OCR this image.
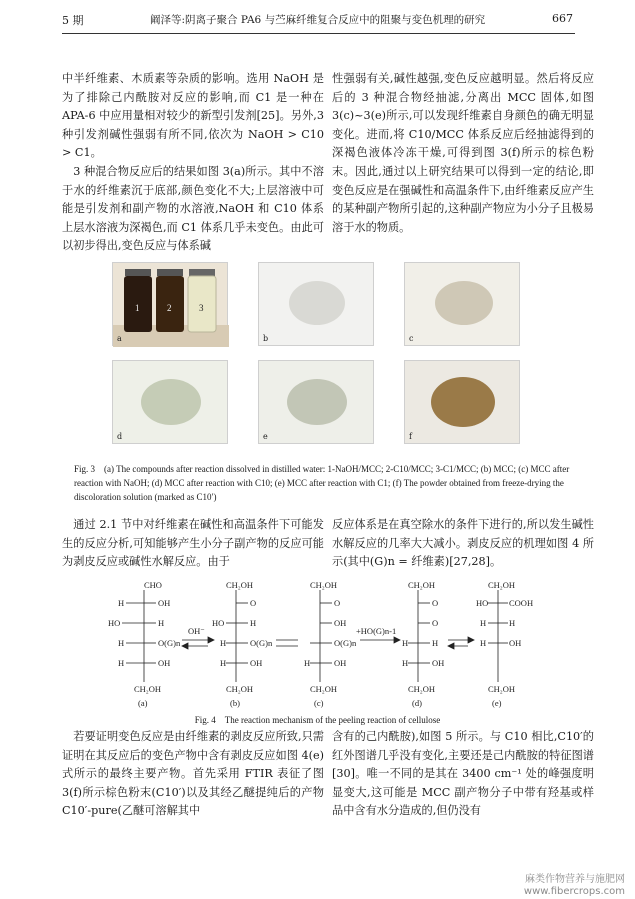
5 期	阚泽等:阴离子聚合 PA6 与苎麻纤维复合反应中的阻聚与变色机理的研究	667
中半纤维素、木质素等杂质的影响。选用 NaOH 是为了排除己内酰胺对反应的影响,而 C1 是一种在 APA-6 中应用量相对较少的新型引发剂[25]。另外,3 种引发剂碱性强弱有所不同,依次为 NaOH > C10 > C1。
　3 种混合物反应后的结果如图 3(a)所示。其中不溶于水的纤维素沉于底部,颜色变化不大;上层溶液中可能是引发剂和副产物的水溶液,NaOH 和 C10 体系上层水溶液为深褐色,而 C1 体系几乎未变色。由此可以初步得出,变色反应与体系碱
性强弱有关,碱性越强,变色反应越明显。然后将反应后的 3 种混合物经抽滤,分离出 MCC 固体,如图 3(c)~3(e)所示,可以发现纤维素自身颜色的确无明显变化。进而,将 C10/MCC 体系反应后经抽滤得到的深褐色液体冷冻干燥,可得到图 3(f)所示的棕色粉末。因此,通过以上研究结果可以得到一定的结论,即变色反应是在强碱性和高温条件下,由纤维素反应产生的某种副产物所引起的,这种副产物应为小分子且极易溶于水的物质。
1	2	3
a	b	c
d	e	f
Fig. 3　(a) The compounds after reaction dissolved in distilled water: 1-NaOH/MCC; 2-C10/MCC; 3-C1/MCC; (b) MCC; (c) MCC after reaction with NaOH; (d) MCC after reaction with C10; (e) MCC after reaction with C1; (f) The powder obtained from freeze-drying the discoloration solution (marked as C10′)
　通过 2.1 节中对纤维素在碱性和高温条件下可能发生的反应分析,可知能够产生小分子副产物的反应可能为剥皮反应或碱性水解反应。由于
反应体系是在真空除水的条件下进行的,所以发生碱性水解反应的几率大大减小。剥皮反应的机理如图 4 所示(其中(G)n = 纤维素)[27,28]。
CHO
H	OH
HO	H
H	O(G)n
H	OH
CH₂OH
OH⁻
CH₂OH
O
HO	H
H	O(G)n
H	OH
CH₂OH
CH₂OH
O
OH
O(G)n
H	OH
CH₂OH
+HO(G)n-1
CH₂OH
O
O
H	H
H	OH
CH₂OH
CH₂OH
HO COOH
H	H
H	OH
CH₂OH
(a)	(b)	(c)	(d)	(e)
Fig. 4　The reaction mechanism of the peeling reaction of cellulose
　若要证明变色反应是由纤维素的剥皮反应所致,只需证明在其反应后的变色产物中含有剥皮反应如图 4(e)式所示的最终主要产物。首先采用 FTIR 表征了图 3(f)所示棕色粉末(C10′)以及其经乙醚提纯后的产物 C10′-pure(乙醚可溶解其中
含有的己内酰胺),如图 5 所示。与 C10 相比,C10′的红外图谱几乎没有变化,主要还是己内酰胺的特征图谱[30]。唯一不同的是其在 3400 cm⁻¹ 处的峰强度明显变大,这可能是 MCC 副产物分子中带有羟基或样品中含有水分造成的,但仍没有
麻类作物营养与施肥网
www.fibercrops.com
